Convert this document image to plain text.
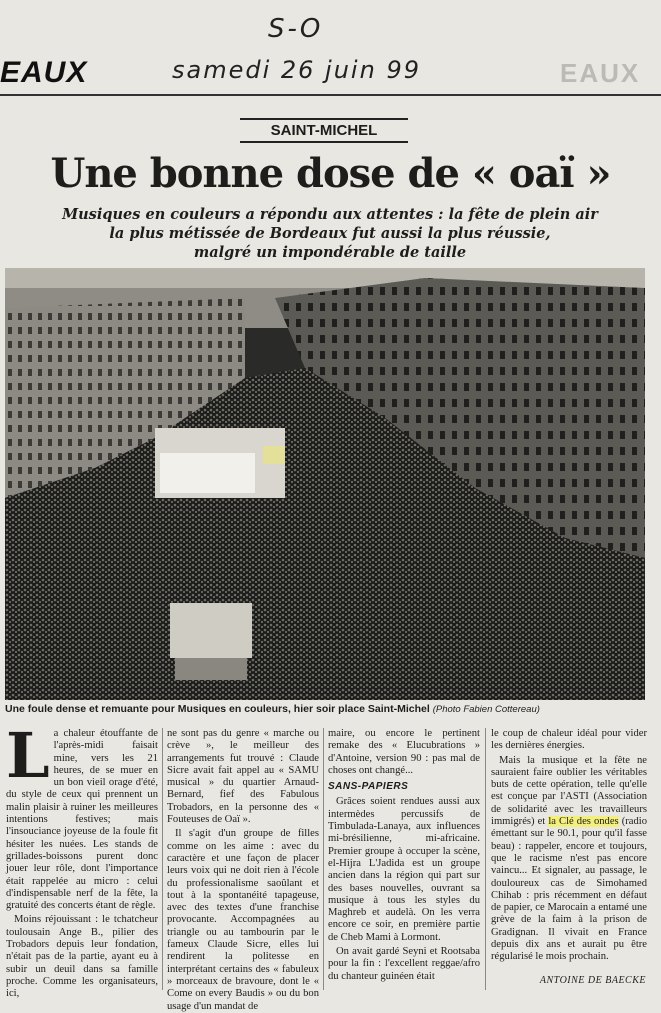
S-O
EAUX	samedi 26 juin 99	EAUX
SAINT-MICHEL
Une bonne dose de « oaï »
Musiques en couleurs a répondu aux attentes : la fête de plein air
la plus métissée de Bordeaux fut aussi la plus réussie,
malgré un impondérable de taille
Une foule dense et remuante pour Musiques en couleurs, hier soir place Saint-Michel (Photo Fabien Cottereau)
L a chaleur étouffante de l'après-midi faisait mine, vers les 21 heures, de se muer en un bon vieil orage d'été, du style de ceux qui prennent un malin plaisir à ruiner les meilleures intentions festives; mais l'insouciance joyeuse de la foule fit hésiter les nuées. Les stands de grillades-boissons purent donc jouer leur rôle, dont l'importance était rappelée au micro : celui d'indispensable nerf de la fête, la gratuité des concerts étant de règle.

Moins réjouissant : le tchatcheur toulousain Ange B., pilier des Trobadors depuis leur fondation, n'était pas de la partie, ayant eu à subir un deuil dans sa famille proche. Comme les organisateurs, ici,

ne sont pas du genre « marche ou crève », le meilleur des arrangements fut trouvé : Claude Sicre avait fait appel au « SAMU musical » du quartier Arnaud-Bernard, fief des Fabulous Trobadors, en la personne des « Fouteuses de Oaï ».

Il s'agit d'un groupe de filles comme on les aime : avec du caractère et une façon de placer leurs voix qui ne doit rien à l'école du professionalisme saoûlant et tout à la spontanéité tapageuse, avec des textes d'une franchise provocante. Accompagnées au triangle ou au tambourin par le fameux Claude Sicre, elles lui rendirent la politesse en interprétant certains des « fabuleux » morceaux de bravoure, dont le « Come on every Baudis » ou du bon usage d'un mandat de

maire, ou encore le pertinent remake des « Elucubrations » d'Antoine, version 90 : pas mal de choses ont changé...

SANS-PAPIERS

Grâces soient rendues aussi aux intermèdes percussifs de Timbulada-Lanaya, aux influences mi-brésilienne, mi-africaine. Premier groupe à occuper la scène, el-Hijra L'Jadida est un groupe ancien dans la région qui part sur des bases nouvelles, ouvrant sa musique à tous les styles du Maghreb et audelà. On les verra encore ce soir, en première partie de Cheb Mami à Lormont.

On avait gardé Seyni et Rootsaba pour la fin : l'excellent reggae/afro du chanteur guinéen était

le coup de chaleur idéal pour vider les dernières énergies.

Mais la musique et la fête ne sauraient faire oublier les véritables buts de cette opération, telle qu'elle est conçue par l'ASTI (Association de solidarité avec les travailleurs immigrés) et la Clé des ondes (radio émettant sur le 90.1, pour qu'il fasse beau) : rappeler, encore et toujours, que le racisme n'est pas encore vaincu... Et signaler, au passage, le douloureux cas de Simohamed Chihab : pris récemment en défaut de papier, ce Marocain a entamé une grève de la faim à la prison de Gradignan. Il vivait en France depuis dix ans et aurait pu être régularisé le mois prochain.

ANTOINE DE BAECKE
